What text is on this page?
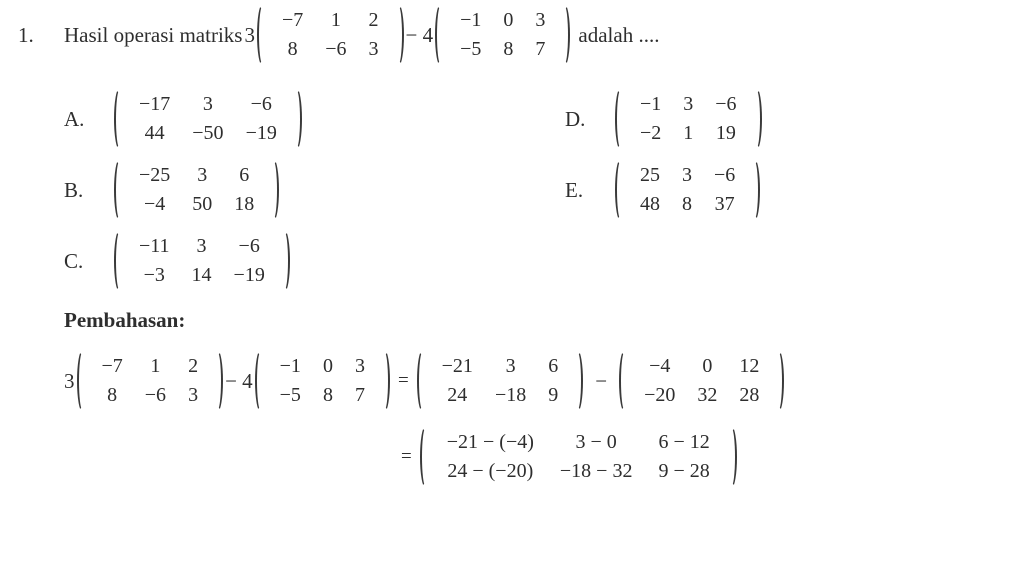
1.	Hasil operasi matriks 3
−7	1	2
8	−6	3
− 4
−1	0	3
−5	8	7
adalah ....
A.
−17	3	−6
44	−50	−19
D.
−1	3	−6
−2	1	19
B.
−25	3	6
−4	50	18
E.
25	3	−6
48	8	37
C.
−11	3	−6
−3	14	−19
Pembahasan:
3
−7	1	2
8	−6	3
− 4
−1	0	3
−5	8	7
=
−21	3	6
24	−18	9
−
−4	0	12
−20	32	28
=
−21 − (−4)	3 − 0	6 − 12
24 − (−20)	−18 − 32	9 − 28
